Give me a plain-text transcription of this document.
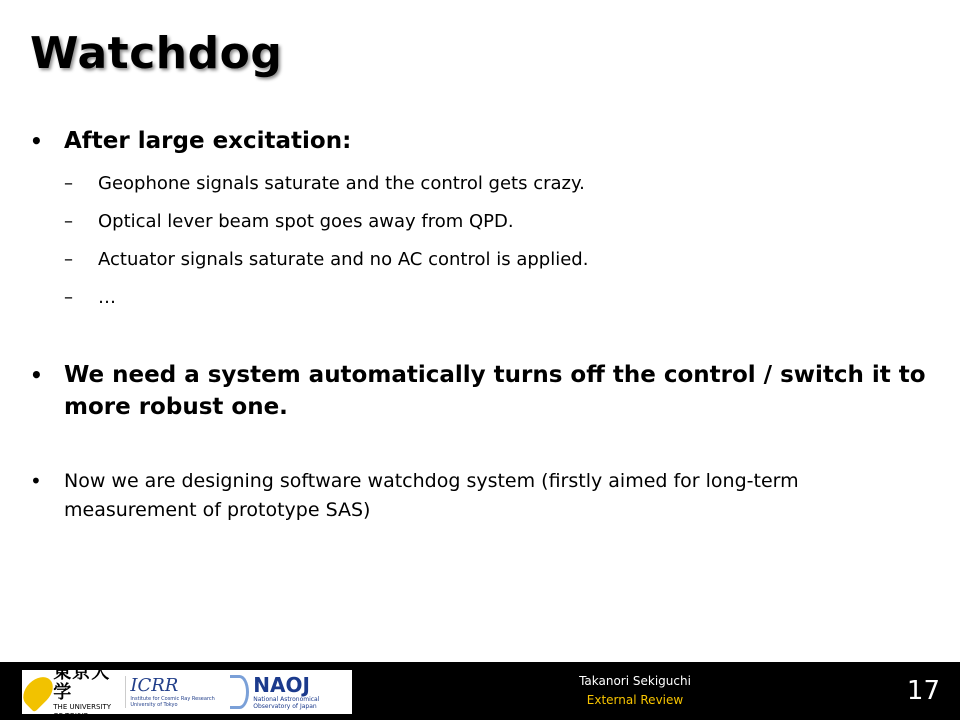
Watchdog
• After large excitation:
– Geophone signals saturate and the control gets crazy.
– Optical lever beam spot goes away from QPD.
– Actuator signals saturate and no AC control is applied.
– …
• We need a system automatically turns off the control / switch it to more robust one.
• Now we are designing software watchdog system (firstly aimed for long-term measurement of prototype SAS)
東京大学
THE UNIVERSITY OF TOKYO
ICRR
Institute for Cosmic Ray Research University of Tokyo
NAOJ
National Astronomical Observatory of Japan
Takanori Sekiguchi
External Review	17
